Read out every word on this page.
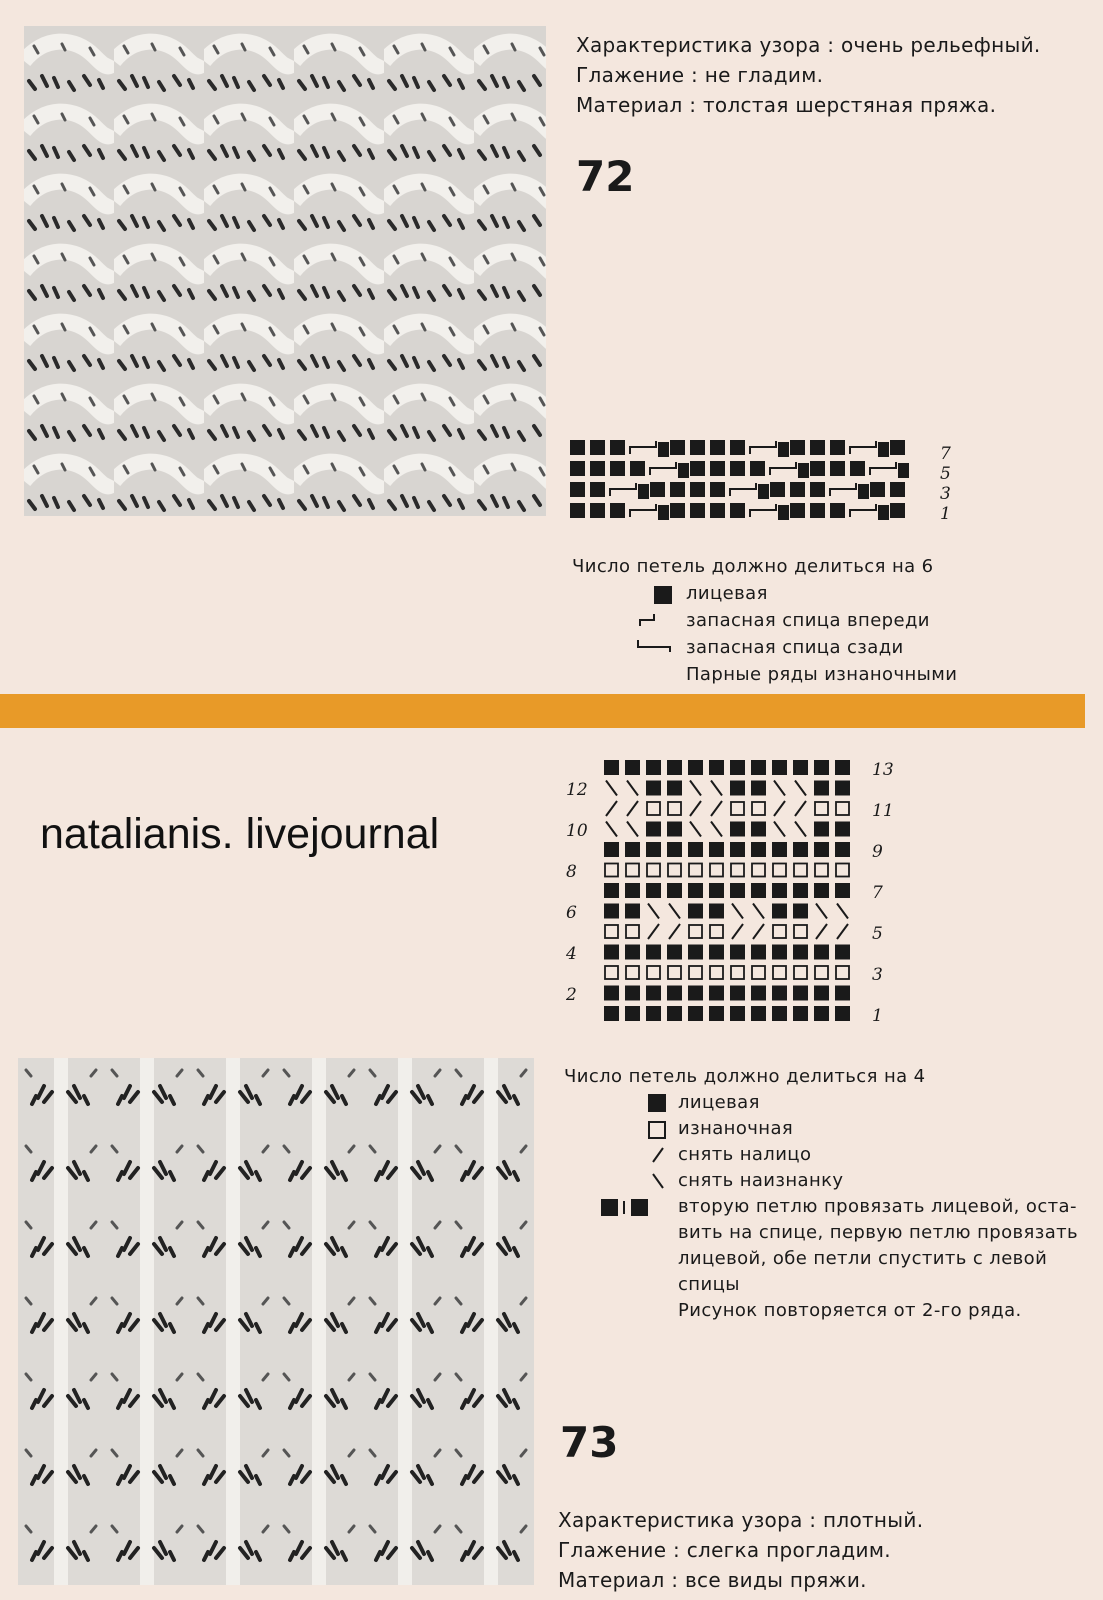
Характеристика узора : очень рельефный.
Глажение : не гладим.
Материал : толстая шерстяная пряжа.
72
7
5
3
1
Число петель должно делиться на 6
лицевая
запасная спица впереди
запасная спица сзади
Парные ряды изнаночными
natalianis. livejournal
13
11
9
7
5
3
1
12
10
8
6
4
2
Число петель должно делиться на 4
лицевая
изнаночная
снять налицо
снять наизнанку
вторую петлю провязать лицевой, оста-
вить на спице, первую петлю провязать
лицевой, обе петли спустить с левой
спицы
Рисунок повторяется от 2-го ряда.
73
Характеристика узора : плотный.
Глажение : слегка прогладим.
Материал : все виды пряжи.
